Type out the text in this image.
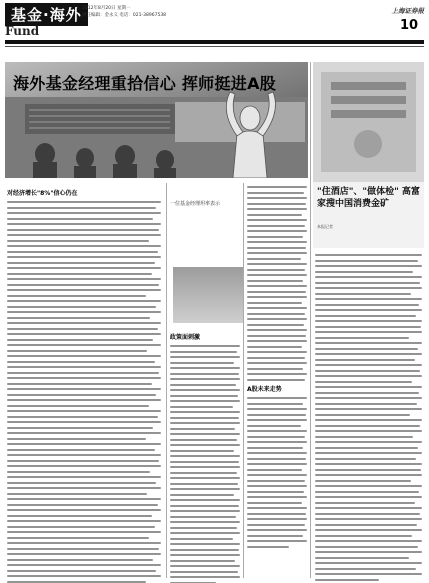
基金·海外
Fund
2012年8月20日 星期一
责任编辑：金永义 电话：021-38967538
上海证券报
10
海外基金经理重拾信心 挥师挺进A股
"住酒店"、"做体检" 高富家搜中国消费金矿
本报记者
对经济增长"8%"信心仍在
一位基金经理坦率表示
政策面刺激
A股未来走势
